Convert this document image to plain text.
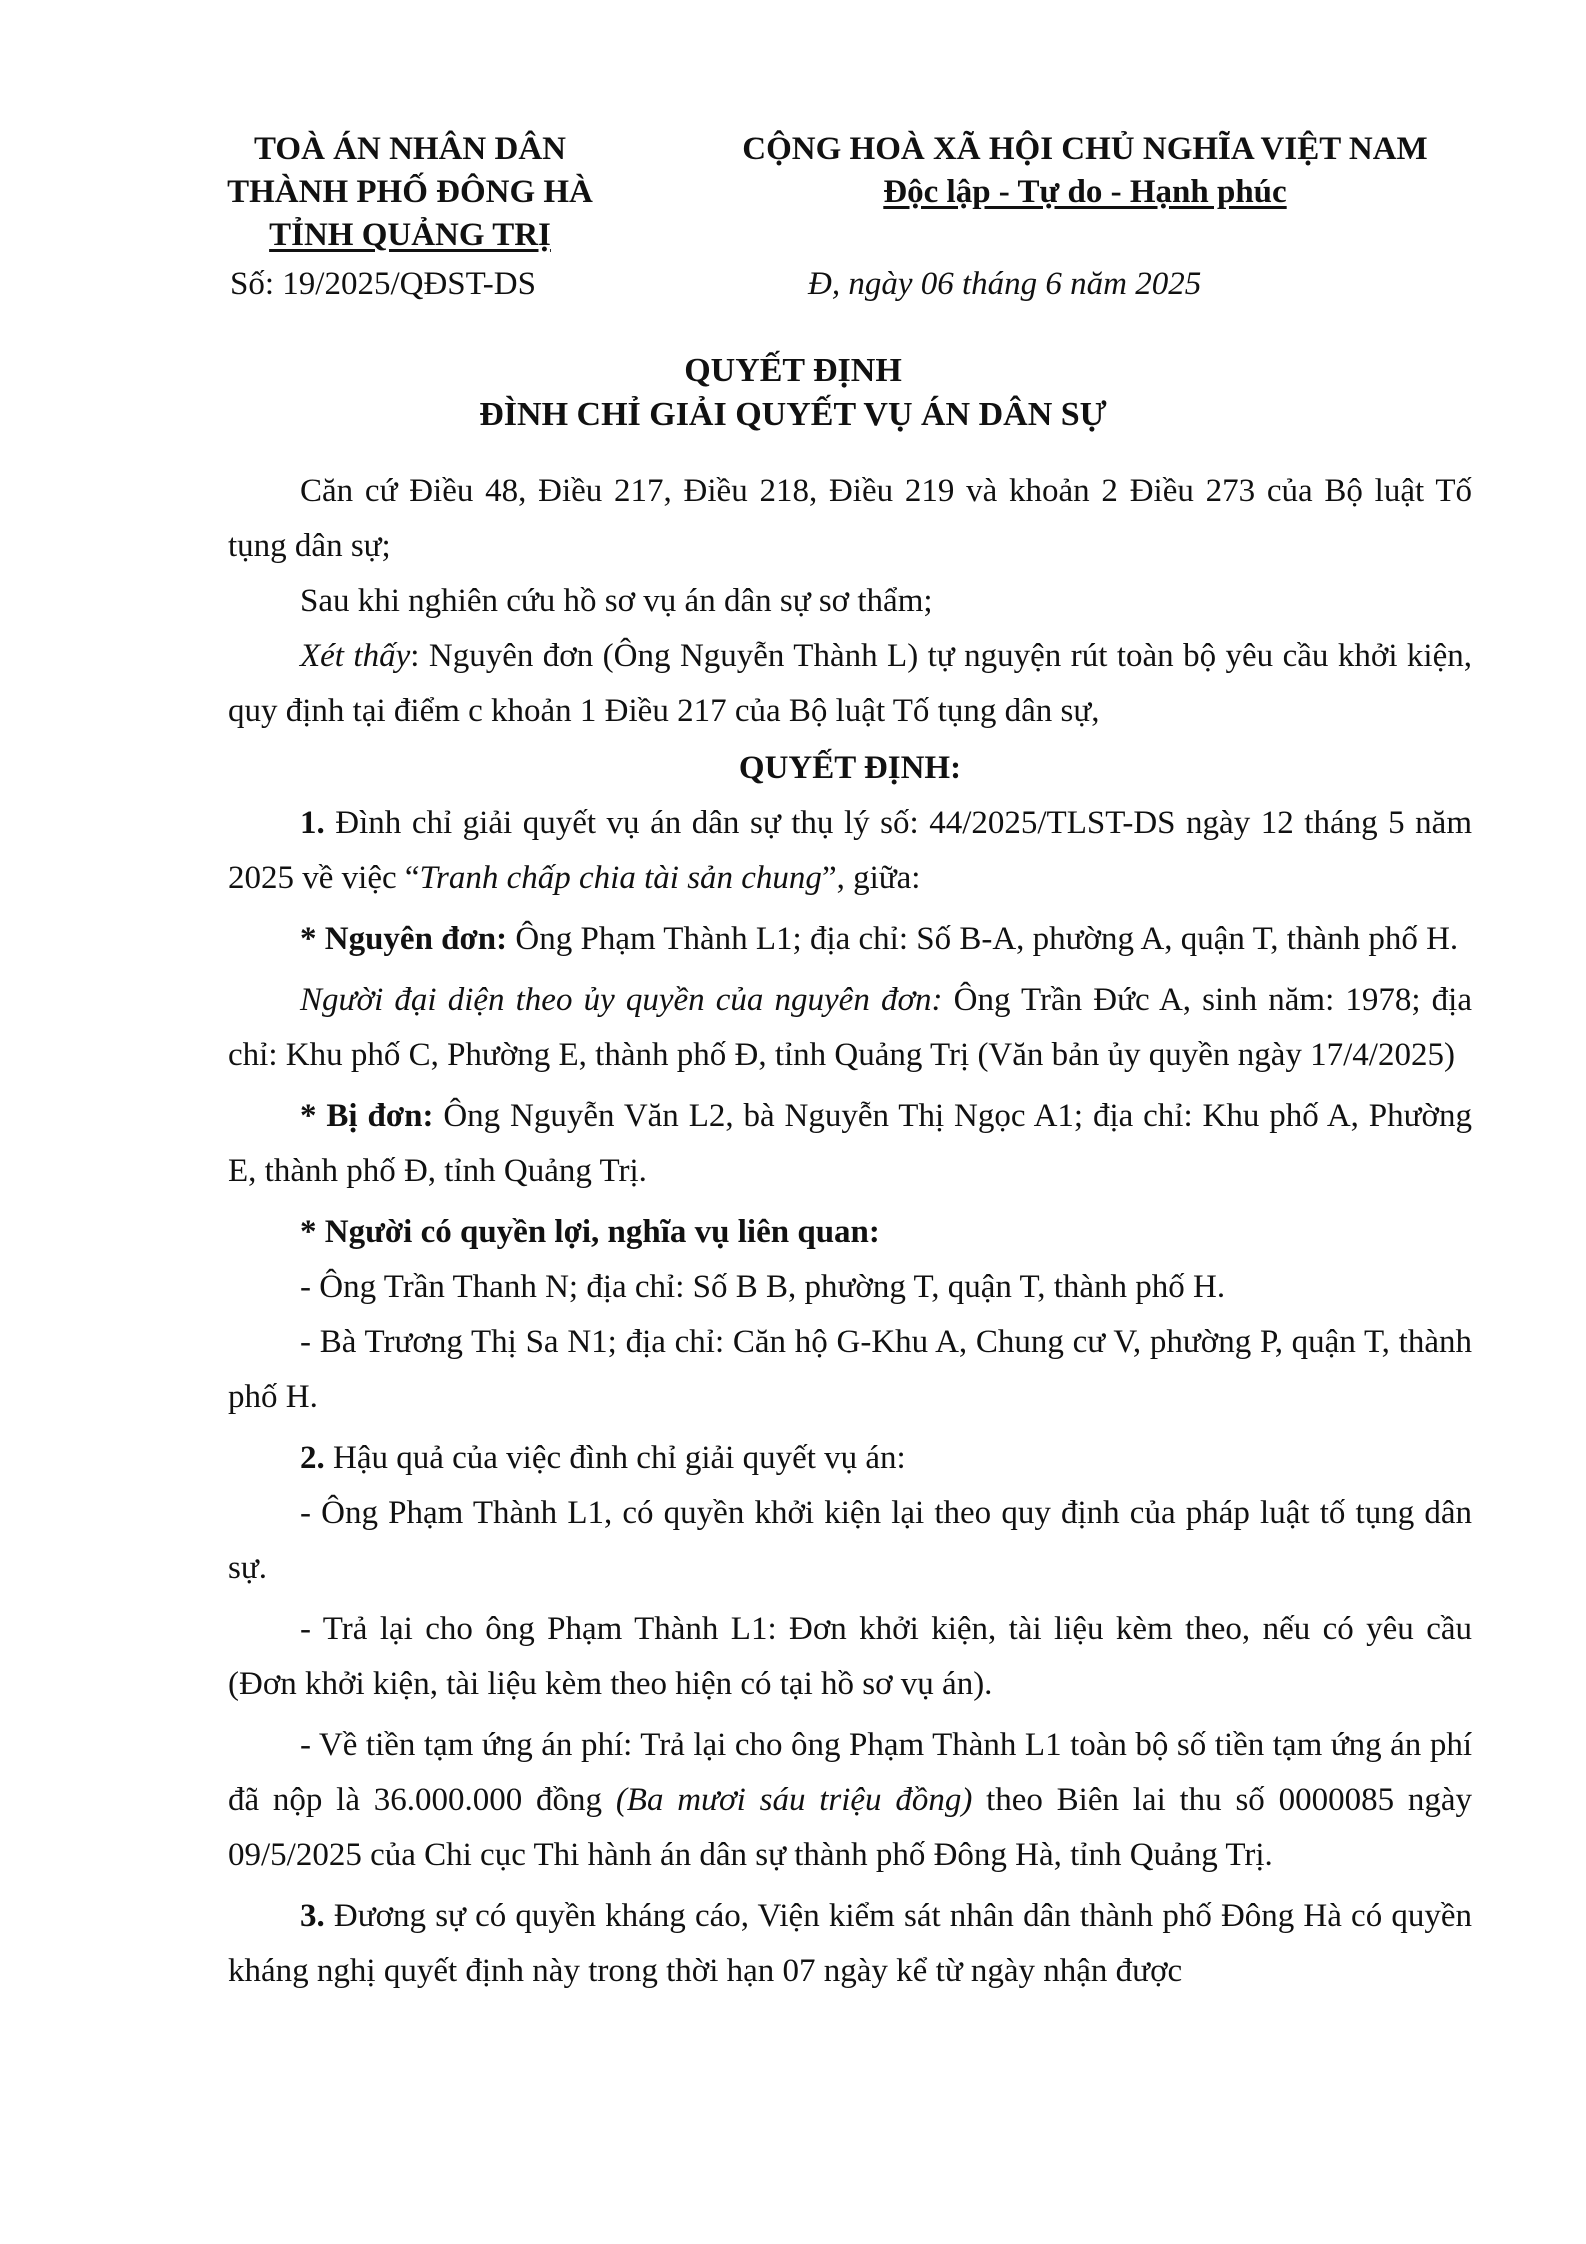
TOÀ ÁN NHÂN DÂN
THÀNH PHỐ ĐÔNG HÀ
TỈNH QUẢNG TRỊ
CỘNG HOÀ XÃ HỘI CHỦ NGHĨA VIỆT NAM
Độc lập - Tự do - Hạnh phúc
Số: 19/2025/QĐST-DS	Đ, ngày 06 tháng 6 năm 2025
QUYẾT ĐỊNH
ĐÌNH CHỈ GIẢI QUYẾT VỤ ÁN DÂN SỰ

Căn cứ Điều 48, Điều 217, Điều 218, Điều 219 và khoản 2 Điều 273 của Bộ luật Tố tụng dân sự;

Sau khi nghiên cứu hồ sơ vụ án dân sự sơ thẩm;

Xét thấy: Nguyên đơn (Ông Nguyễn Thành L) tự nguyện rút toàn bộ yêu cầu khởi kiện, quy định tại điểm c khoản 1 Điều 217 của Bộ luật Tố tụng dân sự,

QUYẾT ĐỊNH:

1. Đình chỉ giải quyết vụ án dân sự thụ lý số: 44/2025/TLST-DS ngày 12 tháng 5 năm 2025 về việc “Tranh chấp chia tài sản chung”, giữa:

* Nguyên đơn: Ông Phạm Thành L1; địa chỉ: Số B-A, phường A, quận T, thành phố H.

Người đại diện theo ủy quyền của nguyên đơn: Ông Trần Đức A, sinh năm: 1978; địa chỉ: Khu phố C, Phường E, thành phố Đ, tỉnh Quảng Trị (Văn bản ủy quyền ngày 17/4/2025)

* Bị đơn: Ông Nguyễn Văn L2, bà Nguyễn Thị Ngọc A1; địa chỉ: Khu phố A, Phường E, thành phố Đ, tỉnh Quảng Trị.

* Người có quyền lợi, nghĩa vụ liên quan:

- Ông Trần Thanh N; địa chỉ: Số B B, phường T, quận T, thành phố H.

- Bà Trương Thị Sa N1; địa chỉ: Căn hộ G-Khu A, Chung cư V, phường P, quận T, thành phố H.

2. Hậu quả của việc đình chỉ giải quyết vụ án:

- Ông Phạm Thành L1, có quyền khởi kiện lại theo quy định của pháp luật tố tụng dân sự.

- Trả lại cho ông Phạm Thành L1: Đơn khởi kiện, tài liệu kèm theo, nếu có yêu cầu (Đơn khởi kiện, tài liệu kèm theo hiện có tại hồ sơ vụ án).

- Về tiền tạm ứng án phí: Trả lại cho ông Phạm Thành L1 toàn bộ số tiền tạm ứng án phí đã nộp là 36.000.000 đồng (Ba mươi sáu triệu đồng) theo Biên lai thu số 0000085 ngày 09/5/2025 của Chi cục Thi hành án dân sự thành phố Đông Hà, tỉnh Quảng Trị.

3. Đương sự có quyền kháng cáo, Viện kiểm sát nhân dân thành phố Đông Hà có quyền kháng nghị quyết định này trong thời hạn 07 ngày kể từ ngày nhận được
